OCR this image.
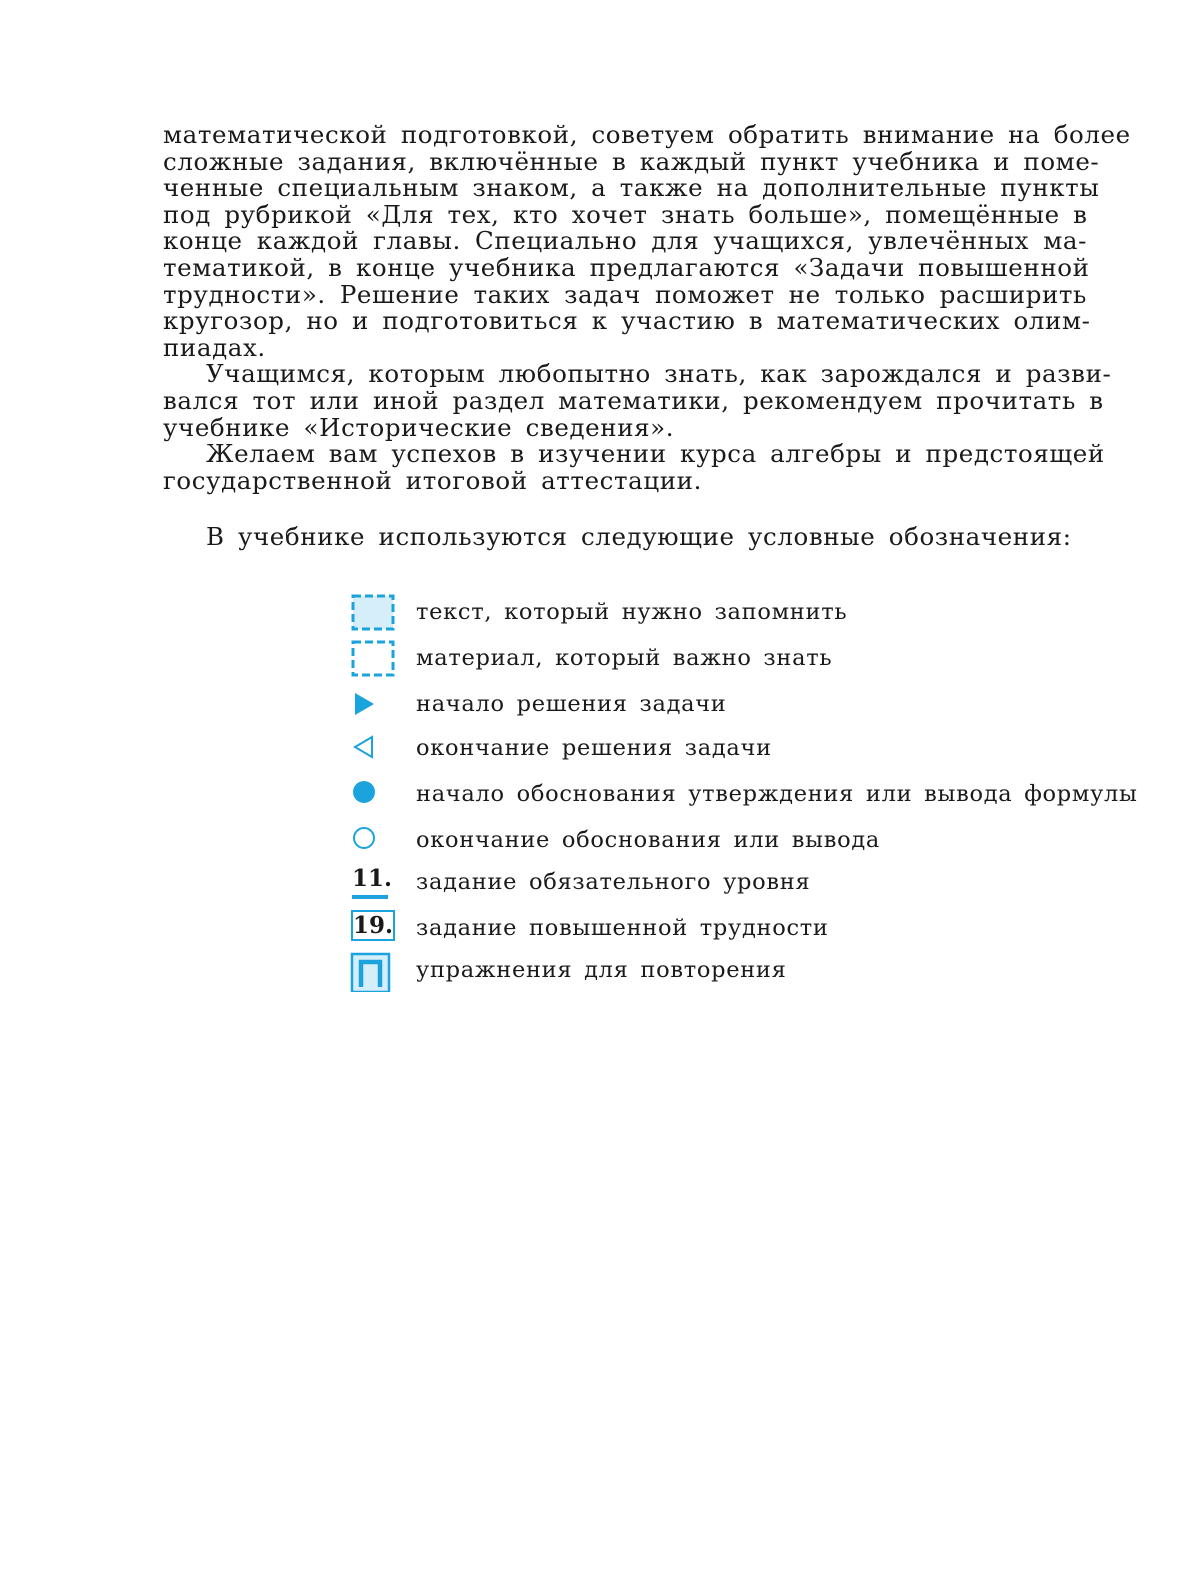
математической подготовкой, советуем обратить внимание на более
сложные задания, включённые в каждый пункт учебника и поме-
ченные специальным знаком, а также на дополнительные пункты
под рубрикой «Для тех, кто хочет знать больше», помещённые в
конце каждой главы. Специально для учащихся, увлечённых ма-
тематикой, в конце учебника предлагаются «Задачи повышенной
трудности». Решение таких задач поможет не только расширить
кругозор, но и подготовиться к участию в математических олим-
пиадах.
Учащимся, которым любопытно знать, как зарождался и разви-
вался тот или иной раздел математики, рекомендуем прочитать в
учебнике «Исторические сведения».
Желаем вам успехов в изучении курса алгебры и предстоящей
государственной итоговой аттестации.
В учебнике используются следующие условные обозначения:
текст, который нужно запомнить
материал, который важно знать
начало решения задачи
окончание решения задачи
начало обоснования утверждения или вывода формулы
окончание обоснования или вывода
11. задание обязательного уровня
19. задание повышенной трудности
упражнения для повторения
